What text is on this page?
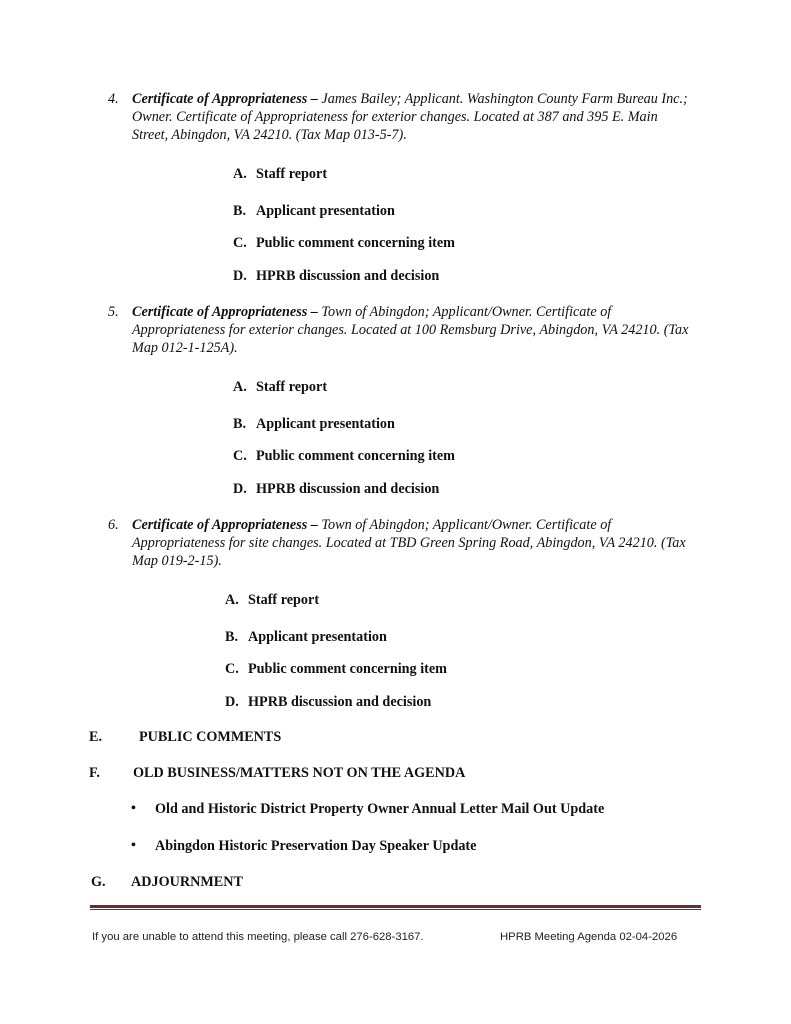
4. Certificate of Appropriateness – James Bailey; Applicant. Washington County Farm Bureau Inc.; Owner. Certificate of Appropriateness for exterior changes. Located at 387 and 395 E. Main Street, Abingdon, VA 24210. (Tax Map 013-5-7).
A. Staff report
B. Applicant presentation
C. Public comment concerning item
D. HPRB discussion and decision
5. Certificate of Appropriateness – Town of Abingdon; Applicant/Owner. Certificate of Appropriateness for exterior changes. Located at 100 Remsburg Drive, Abingdon, VA 24210. (Tax Map 012-1-125A).
A. Staff report
B. Applicant presentation
C. Public comment concerning item
D. HPRB discussion and decision
6. Certificate of Appropriateness – Town of Abingdon; Applicant/Owner. Certificate of Appropriateness for site changes. Located at TBD Green Spring Road, Abingdon, VA 24210. (Tax Map 019-2-15).
A. Staff report
B. Applicant presentation
C. Public comment concerning item
D. HPRB discussion and decision
E.	PUBLIC COMMENTS
F. OLD BUSINESS/MATTERS NOT ON THE AGENDA
• Old and Historic District Property Owner Annual Letter Mail Out Update
• Abingdon Historic Preservation Day Speaker Update
G. ADJOURNMENT
If you are unable to attend this meeting, please call 276-628-3167.	HPRB Meeting Agenda 02-04-2026
